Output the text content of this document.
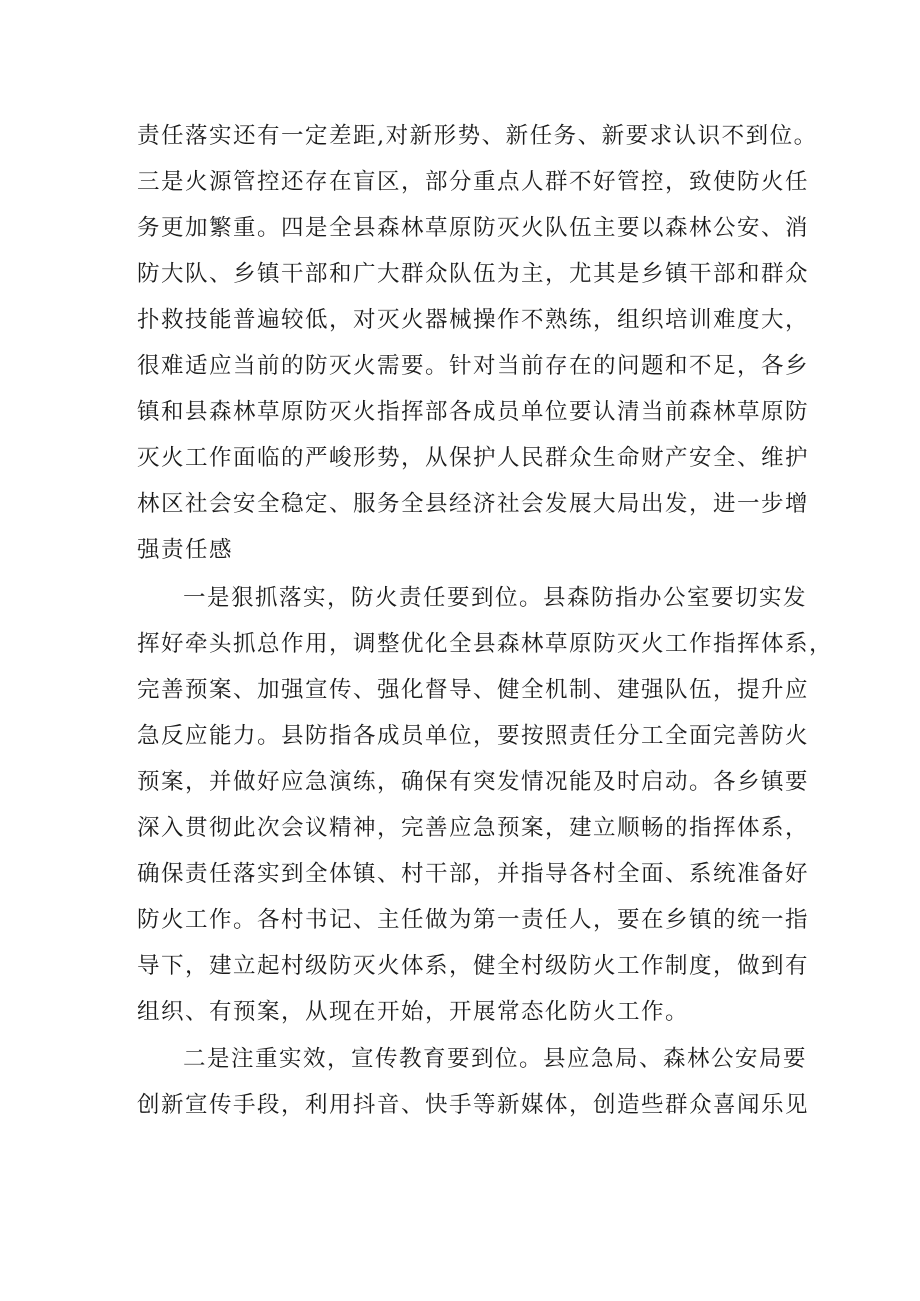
责任落实还有一定差距,对新形势、新任务、新要求认识不到位。
三是火源管控还存在盲区，部分重点人群不好管控，致使防火任
务更加繁重。四是全县森林草原防灭火队伍主要以森林公安、消
防大队、乡镇干部和广大群众队伍为主，尤其是乡镇干部和群众
扑救技能普遍较低，对灭火器械操作不熟练，组织培训难度大，
很难适应当前的防灭火需要。针对当前存在的问题和不足，各乡
镇和县森林草原防灭火指挥部各成员单位要认清当前森林草原防
灭火工作面临的严峻形势，从保护人民群众生命财产安全、维护
林区社会安全稳定、服务全县经济社会发展大局出发，进一步增
强责任感
一是狠抓落实，防火责任要到位。县森防指办公室要切实发
挥好牵头抓总作用，调整优化全县森林草原防灭火工作指挥体系，
完善预案、加强宣传、强化督导、健全机制、建强队伍，提升应
急反应能力。县防指各成员单位，要按照责任分工全面完善防火
预案，并做好应急演练，确保有突发情况能及时启动。各乡镇要
深入贯彻此次会议精神，完善应急预案，建立顺畅的指挥体系，
确保责任落实到全体镇、村干部，并指导各村全面、系统准备好
防火工作。各村书记、主任做为第一责任人，要在乡镇的统一指
导下，建立起村级防灭火体系，健全村级防火工作制度，做到有
组织、有预案，从现在开始，开展常态化防火工作。
二是注重实效，宣传教育要到位。县应急局、森林公安局要
创新宣传手段，利用抖音、快手等新媒体，创造些群众喜闻乐见
